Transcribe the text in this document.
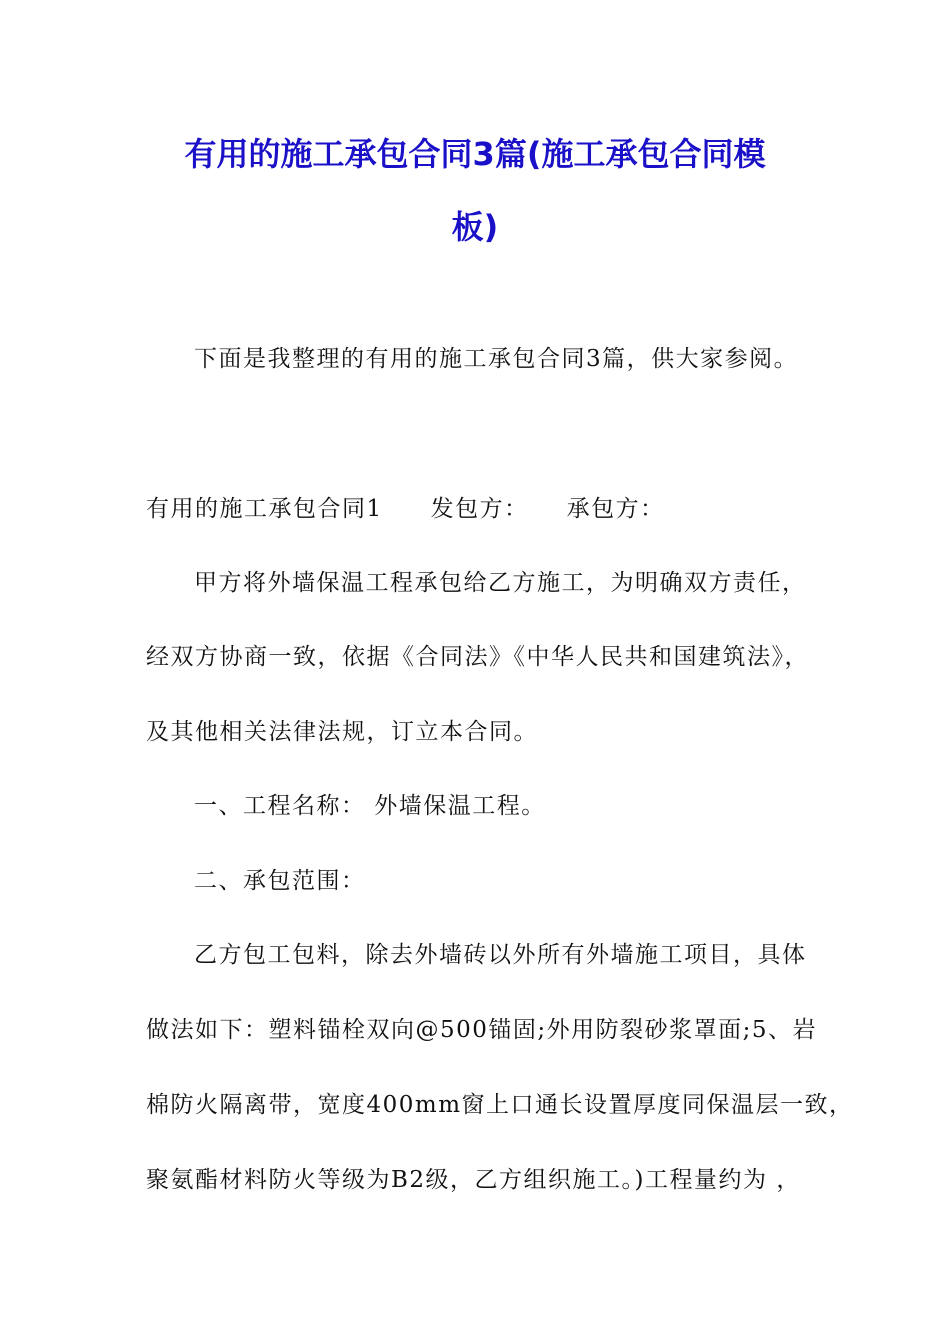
有用的施工承包合同3篇(施工承包合同模
板)

下面是我整理的有用的施工承包合同3篇，供大家参阅。

有用的施工承包合同1 发包方： 承包方：

甲方将外墙保温工程承包给乙方施工，为明确双方责任，

经双方协商一致，依据《合同法》《中华人民共和国建筑法》，

及其他相关法律法规，订立本合同。

一、工程名称： 外墙保温工程。

二、承包范围：

乙方包工包料，除去外墙砖以外所有外墙施工项目，具体

做法如下：塑料锚栓双向@500锚固;外用防裂砂浆罩面;5、岩

棉防火隔离带，宽度400mm窗上口通长设置厚度同保温层一致，

聚氨酯材料防火等级为B2级，乙方组织施工。)工程量约为 ，
